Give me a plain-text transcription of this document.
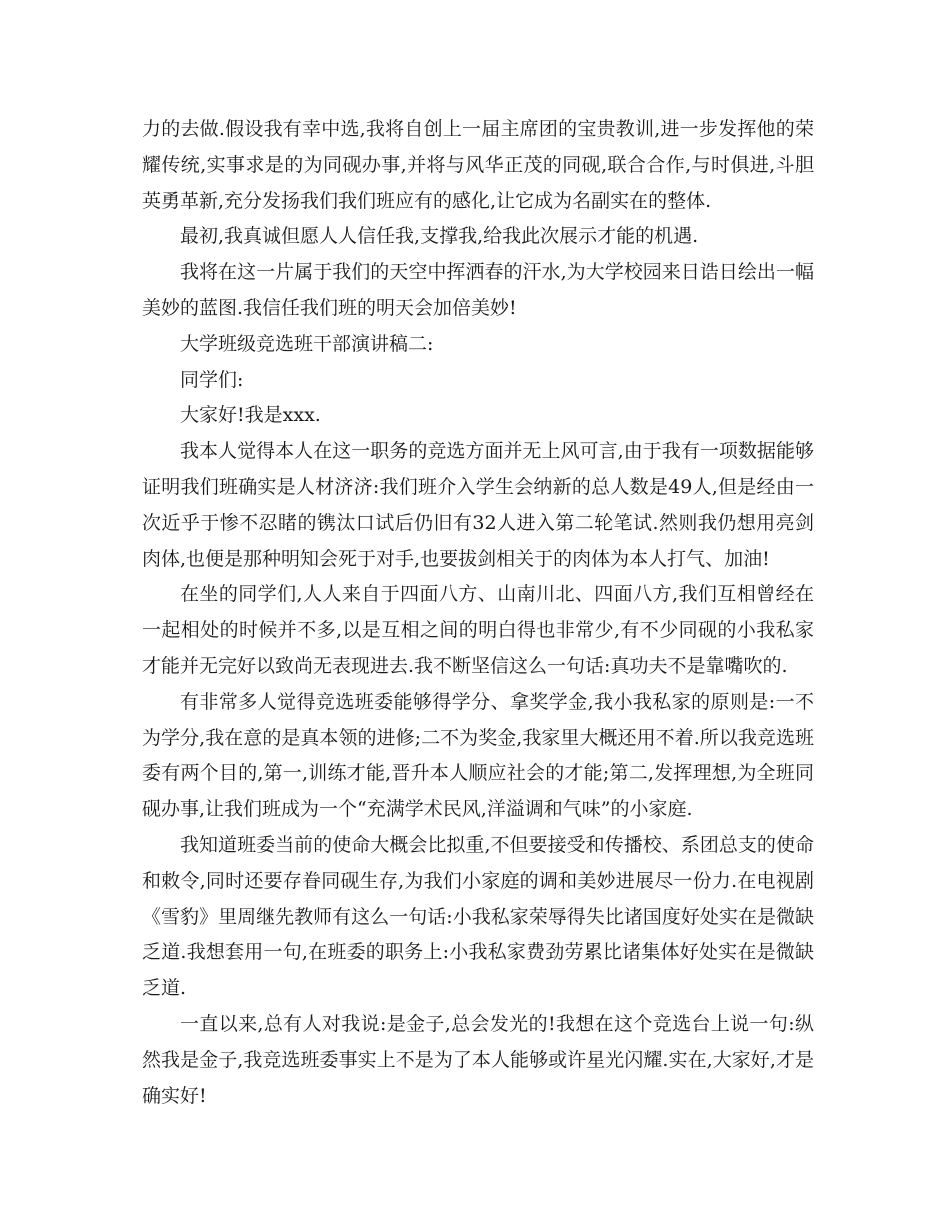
力的去做.假设我有幸中选,我将自创上一届主席团的宝贵教训,进一步发挥他的荣耀传统,实事求是的为同砚办事,并将与风华正茂的同砚,联合合作,与时俱进,斗胆英勇革新,充分发扬我们我们班应有的感化,让它成为名副实在的整体.

最初,我真诚但愿人人信任我,支撑我,给我此次展示才能的机遇.

我将在这一片属于我们的天空中挥洒春的汗水,为大学校园来日诰日绘出一幅美妙的蓝图.我信任我们班的明天会加倍美妙!

大学班级竞选班干部演讲稿二:

同学们:

大家好!我是xxx.

我本人觉得本人在这一职务的竞选方面并无上风可言,由于我有一项数据能够证明我们班确实是人材济济:我们班介入学生会纳新的总人数是49人,但是经由一次近乎于惨不忍睹的镌汰口试后仍旧有32人进入第二轮笔试.然则我仍想用亮剑肉体,也便是那种明知会死于对手,也要拔剑相关于的肉体为本人打气、加油!

在坐的同学们,人人来自于四面八方、山南川北、四面八方,我们互相曾经在一起相处的时候并不多,以是互相之间的明白得也非常少,有不少同砚的小我私家才能并无完好以致尚无表现进去.我不断坚信这么一句话:真功夫不是靠嘴吹的.

有非常多人觉得竞选班委能够得学分、拿奖学金,我小我私家的原则是:一不为学分,我在意的是真本领的进修;二不为奖金,我家里大概还用不着.所以我竞选班委有两个目的,第一,训练才能,晋升本人顺应社会的才能;第二,发挥理想,为全班同砚办事,让我们班成为一个“充满学术民风,洋溢调和气味”的小家庭.

我知道班委当前的使命大概会比拟重,不但要接受和传播校、系团总支的使命和敕令,同时还要存眷同砚生存,为我们小家庭的调和美妙进展尽一份力.在电视剧《雪豹》里周继先教师有这么一句话:小我私家荣辱得失比诸国度好处实在是微缺乏道.我想套用一句,在班委的职务上:小我私家费劲劳累比诸集体好处实在是微缺乏道.

一直以来,总有人对我说:是金子,总会发光的!我想在这个竞选台上说一句:纵然我是金子,我竞选班委事实上不是为了本人能够或许星光闪耀.实在,大家好,才是确实好!
